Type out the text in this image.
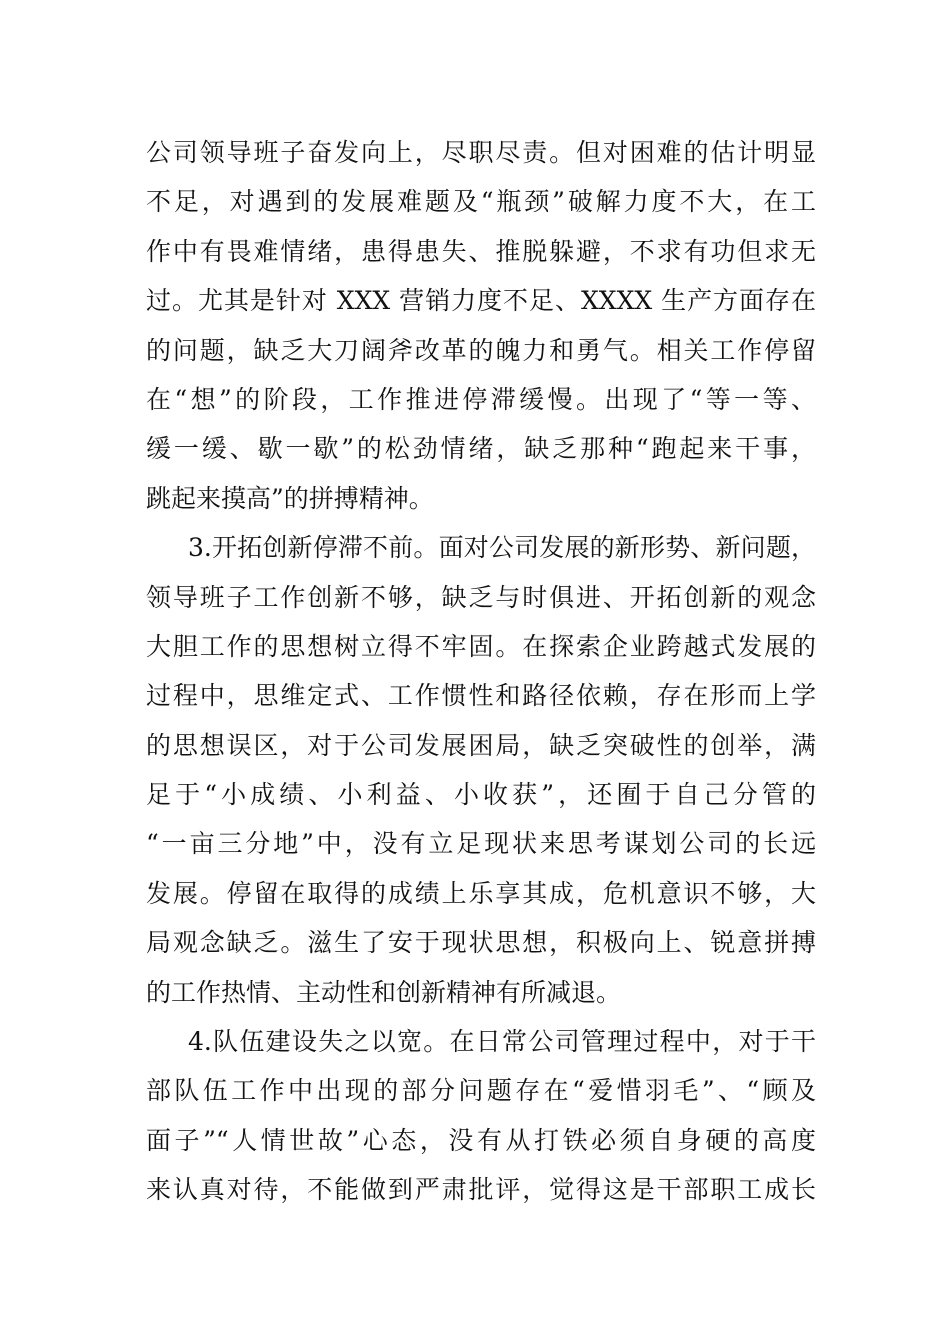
公司领导班子奋发向上，尽职尽责。但对困难的估计明显
不足，对遇到的发展难题及“瓶颈”破解力度不大，在工
作中有畏难情绪，患得患失、推脱躲避，不求有功但求无
过。尤其是针对 XXX 营销力度不足、XXXX 生产方面存在
的问题，缺乏大刀阔斧改革的魄力和勇气。相关工作停留
在“想”的阶段，工作推进停滞缓慢。出现了“等一等、
缓一缓、歇一歇”的松劲情绪，缺乏那种“跑起来干事，
跳起来摸高”的拼搏精神。
3.开拓创新停滞不前。面对公司发展的新形势、新问题，
领导班子工作创新不够，缺乏与时俱进、开拓创新的观念
大胆工作的思想树立得不牢固。在探索企业跨越式发展的
过程中，思维定式、工作惯性和路径依赖，存在形而上学
的思想误区，对于公司发展困局，缺乏突破性的创举，满
足于“小成绩、小利益、小收获”，还囿于自己分管的
“一亩三分地”中，没有立足现状来思考谋划公司的长远
发展。停留在取得的成绩上乐享其成，危机意识不够，大
局观念缺乏。滋生了安于现状思想，积极向上、锐意拼搏
的工作热情、主动性和创新精神有所减退。
4.队伍建设失之以宽。在日常公司管理过程中，对于干
部队伍工作中出现的部分问题存在“爱惜羽毛”、“顾及
面子”“人情世故”心态，没有从打铁必须自身硬的高度
来认真对待，不能做到严肃批评，觉得这是干部职工成长
